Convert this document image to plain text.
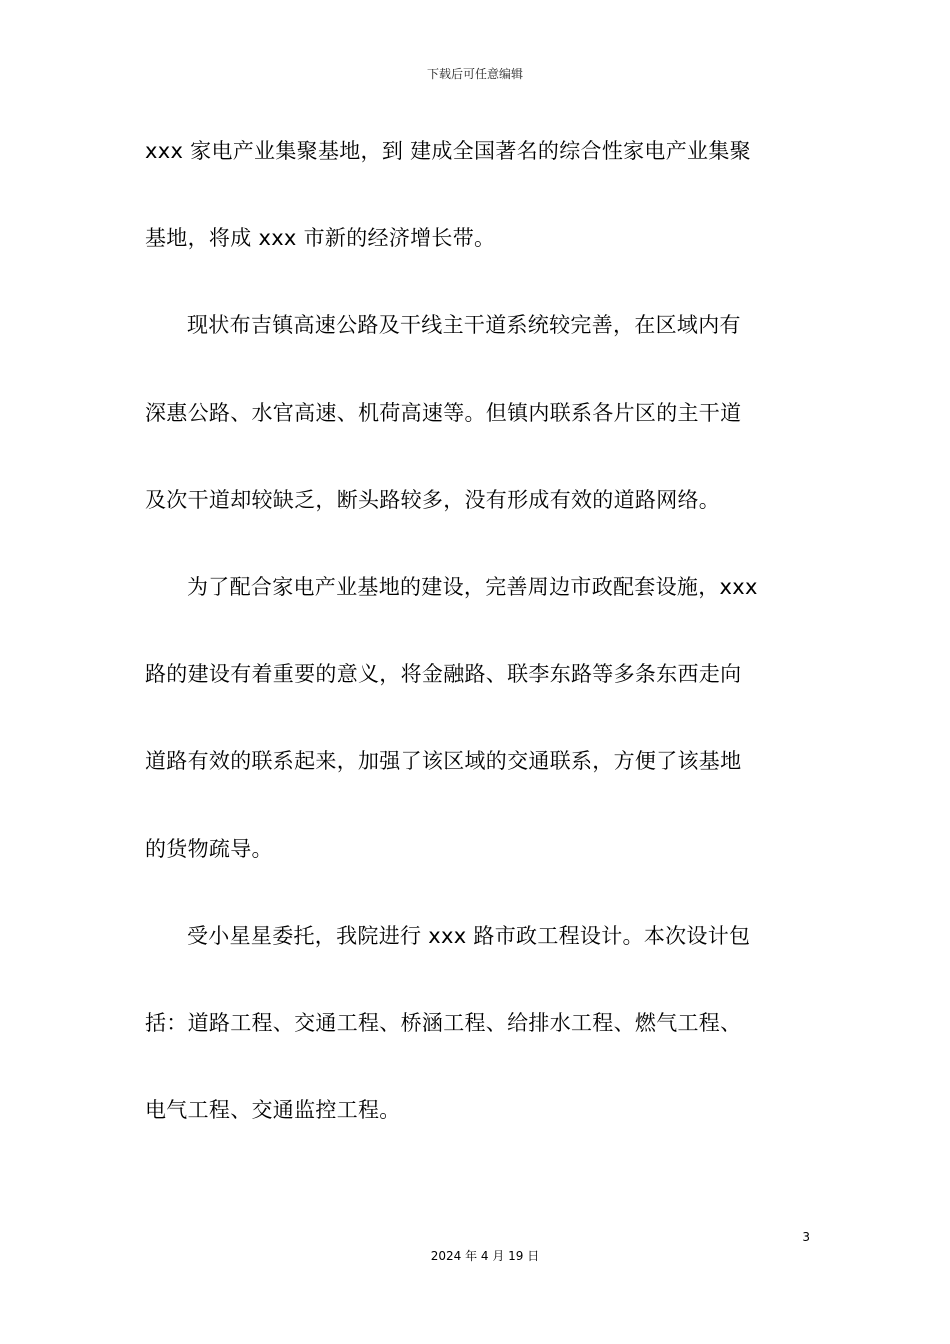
下载后可任意编辑

xxx 家电产业集聚基地，到 建成全国著名的综合性家电产业集聚
基地，将成 xxx 市新的经济增长带。

现状布吉镇高速公路及干线主干道系统较完善，在区域内有
深惠公路、水官高速、机荷高速等。但镇内联系各片区的主干道
及次干道却较缺乏，断头路较多，没有形成有效的道路网络。

为了配合家电产业基地的建设，完善周边市政配套设施，xxx
路的建设有着重要的意义，将金融路、联李东路等多条东西走向
道路有效的联系起来，加强了该区域的交通联系，方便了该基地
的货物疏导。

受小星星委托，我院进行 xxx 路市政工程设计。本次设计包
括：道路工程、交通工程、桥涵工程、给排水工程、燃气工程、
电气工程、交通监控工程。

3
2024 年 4 月 19 日
